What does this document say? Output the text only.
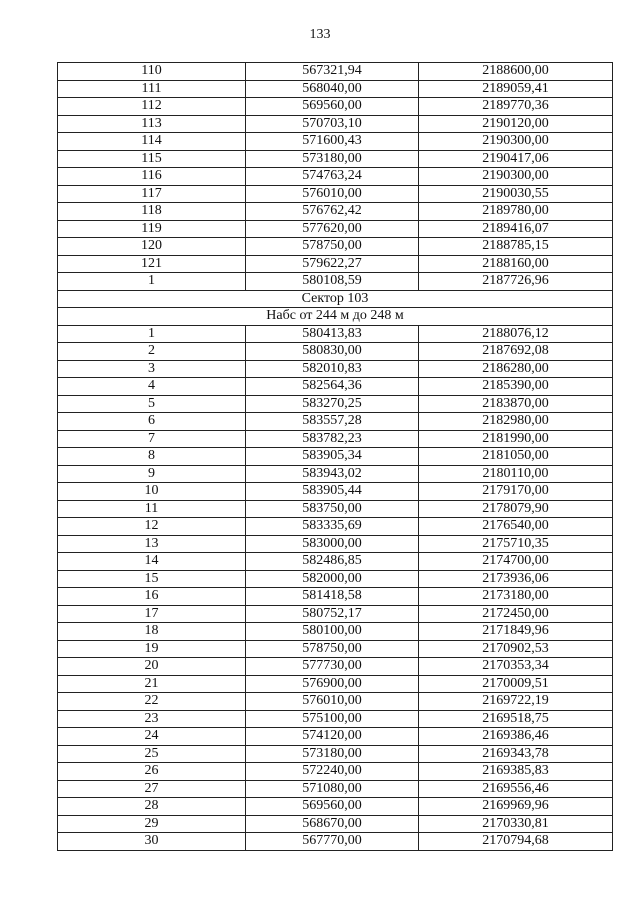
133
110	567321,94	2188600,00
111	568040,00	2189059,41
112	569560,00	2189770,36
113	570703,10	2190120,00
114	571600,43	2190300,00
115	573180,00	2190417,06
116	574763,24	2190300,00
117	576010,00	2190030,55
118	576762,42	2189780,00
119	577620,00	2189416,07
120	578750,00	2188785,15
121	579622,27	2188160,00
1	580108,59	2187726,96
Сектор 103		
Набс от 244 м до 248 м		
1	580413,83	2188076,12
2	580830,00	2187692,08
3	582010,83	2186280,00
4	582564,36	2185390,00
5	583270,25	2183870,00
6	583557,28	2182980,00
7	583782,23	2181990,00
8	583905,34	2181050,00
9	583943,02	2180110,00
10	583905,44	2179170,00
11	583750,00	2178079,90
12	583335,69	2176540,00
13	583000,00	2175710,35
14	582486,85	2174700,00
15	582000,00	2173936,06
16	581418,58	2173180,00
17	580752,17	2172450,00
18	580100,00	2171849,96
19	578750,00	2170902,53
20	577730,00	2170353,34
21	576900,00	2170009,51
22	576010,00	2169722,19
23	575100,00	2169518,75
24	574120,00	2169386,46
25	573180,00	2169343,78
26	572240,00	2169385,83
27	571080,00	2169556,46
28	569560,00	2169969,96
29	568670,00	2170330,81
30	567770,00	2170794,68
